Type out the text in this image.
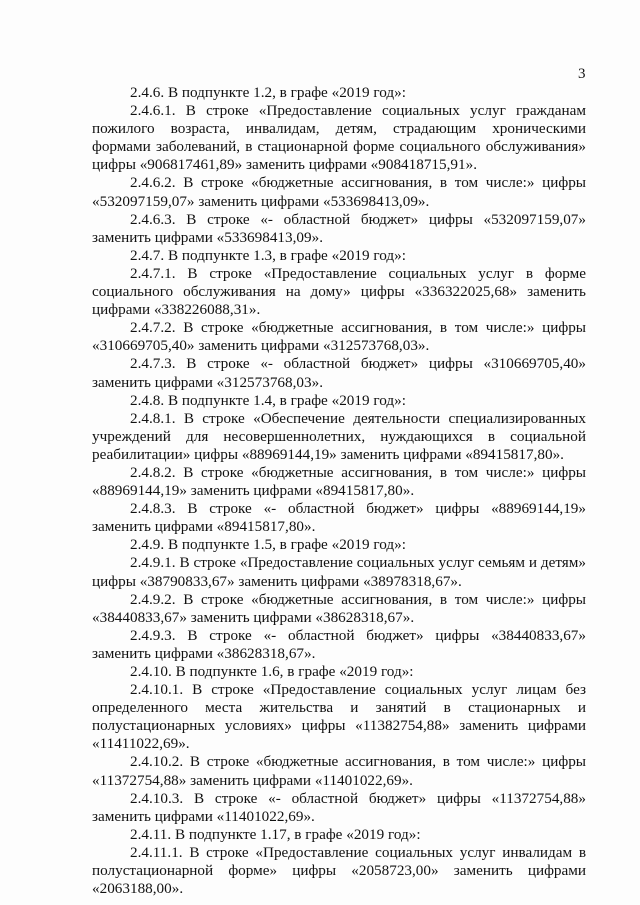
3

2.4.6. В подпункте 1.2, в графе «2019 год»:

2.4.6.1. В строке «Предоставление социальных услуг гражданам пожилого возраста, инвалидам, детям, страдающим хроническими формами заболеваний, в стационарной форме социального обслуживания» цифры «906817461,89» заменить цифрами «908418715,91».

2.4.6.2. В строке «бюджетные ассигнования, в том числе:» цифры «532097159,07» заменить цифрами «533698413,09».

2.4.6.3. В строке «- областной бюджет» цифры «532097159,07» заменить цифрами «533698413,09».

2.4.7. В подпункте 1.3, в графе «2019 год»:

2.4.7.1. В строке «Предоставление социальных услуг в форме социального обслуживания на дому» цифры «336322025,68» заменить цифрами «338226088,31».

2.4.7.2. В строке «бюджетные ассигнования, в том числе:» цифры «310669705,40» заменить цифрами «312573768,03».

2.4.7.3. В строке «- областной бюджет» цифры «310669705,40» заменить цифрами «312573768,03».

2.4.8. В подпункте 1.4, в графе «2019 год»:

2.4.8.1. В строке «Обеспечение деятельности специализированных учреждений для несовершеннолетних, нуждающихся в социальной реабилитации» цифры «88969144,19» заменить цифрами «89415817,80».

2.4.8.2. В строке «бюджетные ассигнования, в том числе:» цифры «88969144,19» заменить цифрами «89415817,80».

2.4.8.3. В строке «- областной бюджет» цифры «88969144,19» заменить цифрами «89415817,80».

2.4.9. В подпункте 1.5, в графе «2019 год»:

2.4.9.1. В строке «Предоставление социальных услуг семьям и детям» цифры «38790833,67» заменить цифрами «38978318,67».

2.4.9.2. В строке «бюджетные ассигнования, в том числе:» цифры «38440833,67» заменить цифрами «38628318,67».

2.4.9.3. В строке «- областной бюджет» цифры «38440833,67» заменить цифрами «38628318,67».

2.4.10. В подпункте 1.6, в графе «2019 год»:

2.4.10.1. В строке «Предоставление социальных услуг лицам без определенного места жительства и занятий в стационарных и полустационарных условиях» цифры «11382754,88» заменить цифрами «11411022,69».

2.4.10.2. В строке «бюджетные ассигнования, в том числе:» цифры «11372754,88» заменить цифрами «11401022,69».

2.4.10.3. В строке «- областной бюджет» цифры «11372754,88» заменить цифрами «11401022,69».

2.4.11. В подпункте 1.17, в графе «2019 год»:

2.4.11.1. В строке «Предоставление социальных услуг инвалидам в полустационарной форме» цифры «2058723,00» заменить цифрами «2063188,00».
